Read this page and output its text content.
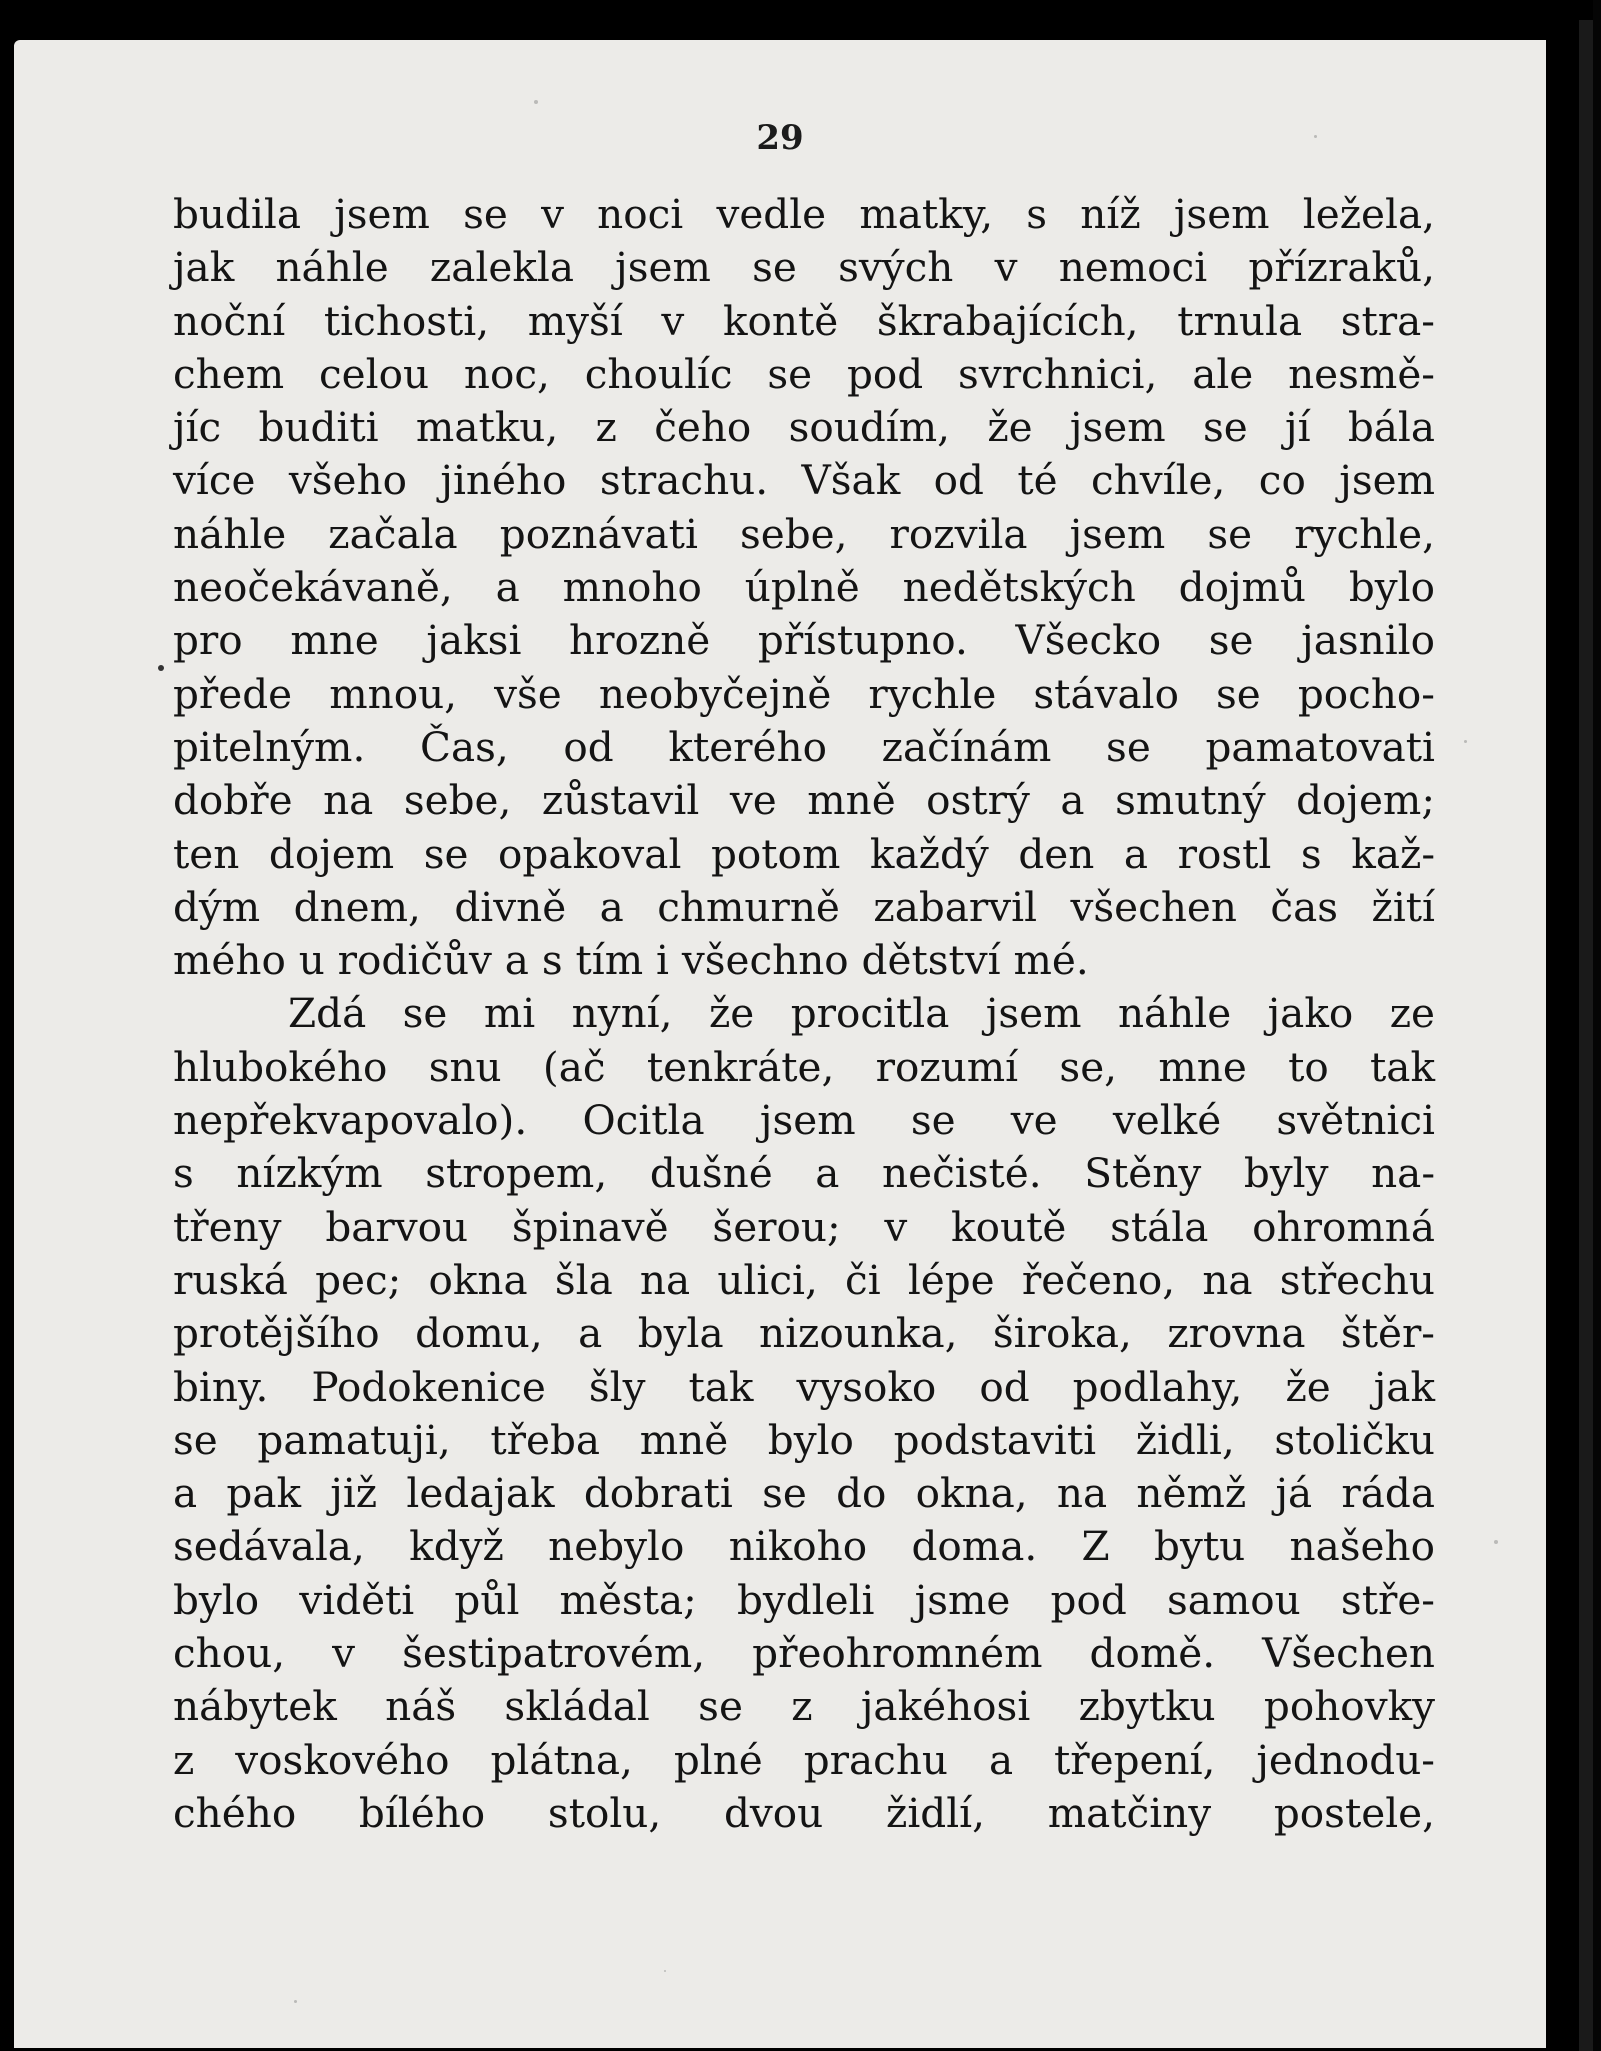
29
budila jsem se v noci vedle matky, s níž jsem ležela,
jak náhle zalekla jsem se svých v nemoci přízraků,
noční tichosti, myší v kontě škrabajících, trnula stra-
chem celou noc, choulíc se pod svrchnici, ale nesmě-
jíc buditi matku, z čeho soudím, že jsem se jí bála
více všeho jiného strachu. Však od té chvíle, co jsem
náhle začala poznávati sebe, rozvila jsem se rychle,
neočekávaně, a mnoho úplně nedětských dojmů bylo
pro mne jaksi hrozně přístupno. Všecko se jasnilo
přede mnou, vše neobyčejně rychle stávalo se pocho-
pitelným. Čas, od kterého začínám se pamatovati
dobře na sebe, zůstavil ve mně ostrý a smutný dojem;
ten dojem se opakoval potom každý den a rostl s kaž-
dým dnem, divně a chmurně zabarvil všechen čas žití
mého u rodičův a s tím i všechno dětství mé.
Zdá se mi nyní, že procitla jsem náhle jako ze
hlubokého snu (ač tenkráte, rozumí se, mne to tak
nepřekvapovalo). Ocitla jsem se ve velké světnici
s nízkým stropem, dušné a nečisté. Stěny byly na-
třeny barvou špinavě šerou; v koutě stála ohromná
ruská pec; okna šla na ulici, či lépe řečeno, na střechu
protějšího domu, a byla nizounka, široka, zrovna štěr-
biny. Podokenice šly tak vysoko od podlahy, že jak
se pamatuji, třeba mně bylo podstaviti židli, stoličku
a pak již ledajak dobrati se do okna, na němž já ráda
sedávala, když nebylo nikoho doma. Z bytu našeho
bylo viděti půl města; bydleli jsme pod samou stře-
chou, v šestipatrovém, přeohromném domě. Všechen
nábytek náš skládal se z jakéhosi zbytku pohovky
z voskového plátna, plné prachu a třepení, jednodu-
chého bílého stolu, dvou židlí, matčiny postele,
